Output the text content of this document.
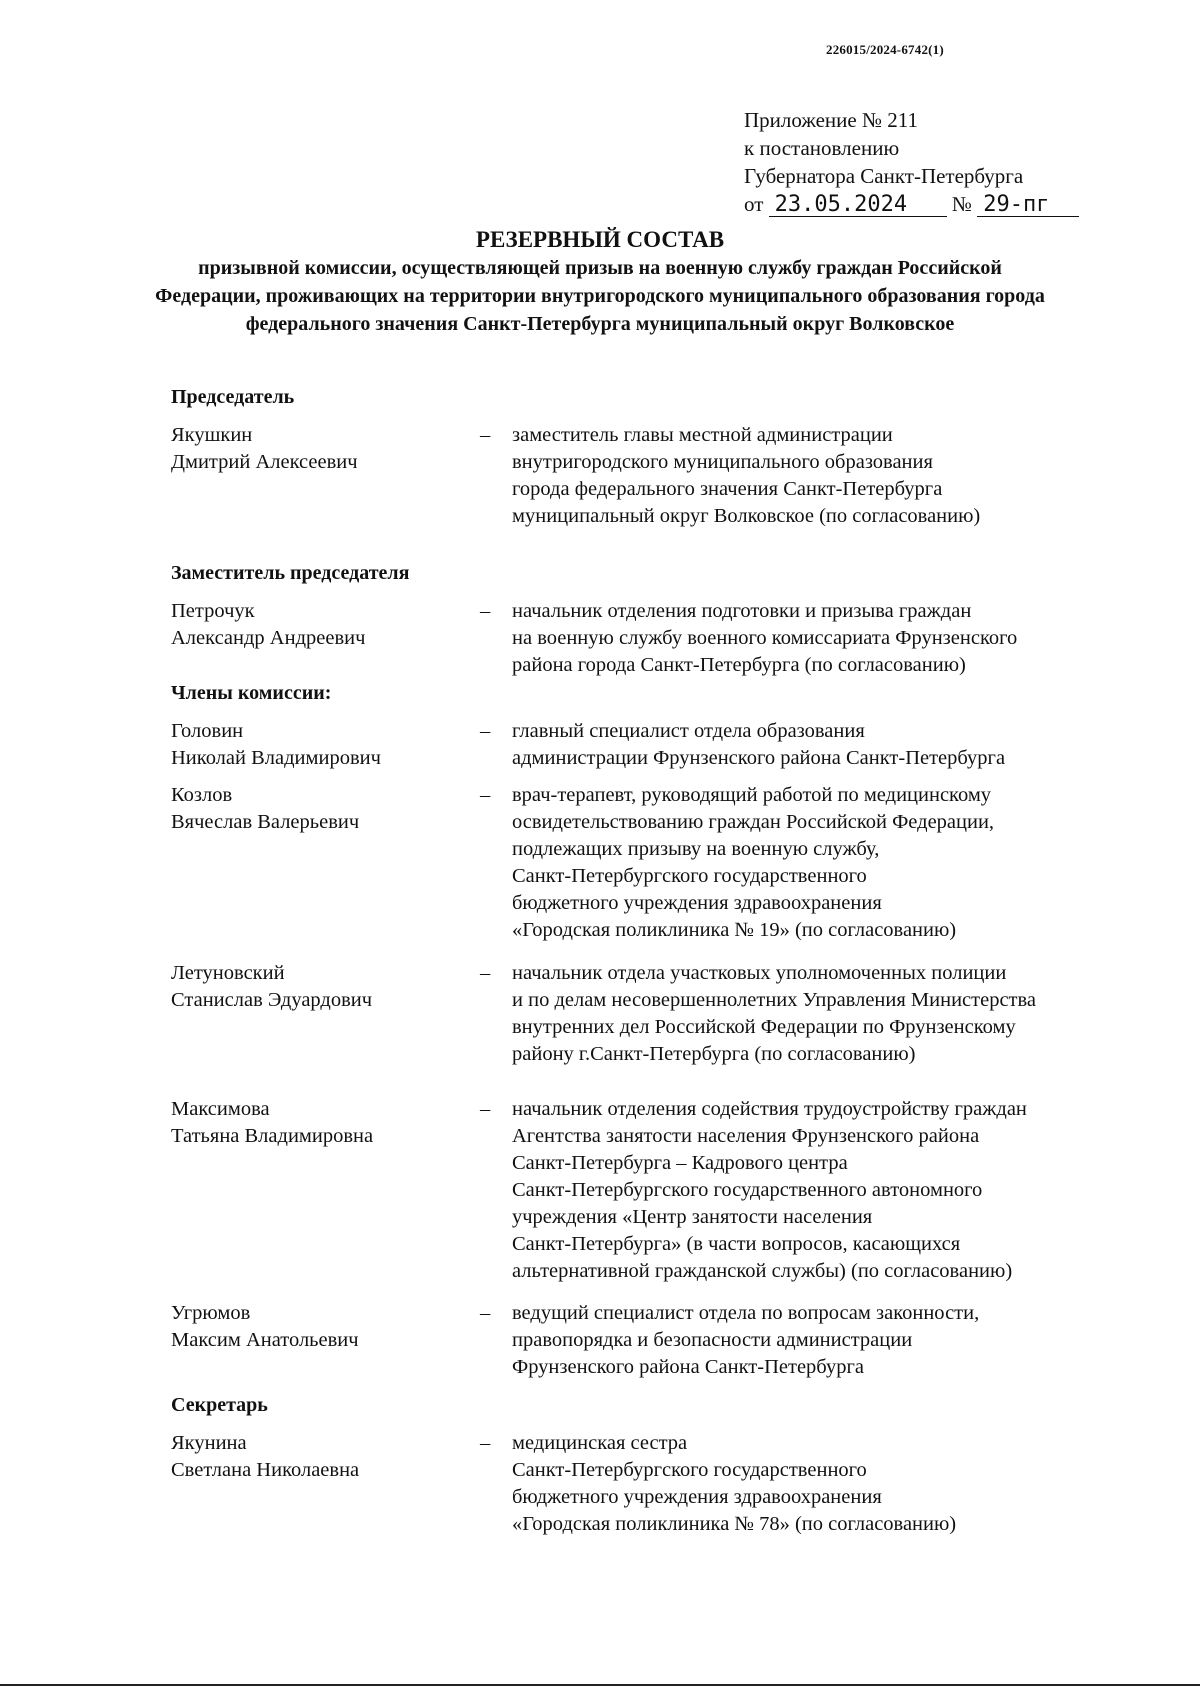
226015/2024-6742(1)
Приложение № 211
к постановлению
Губернатора Санкт-Петербурга
от 23.05.2024 № 29-пг
РЕЗЕРВНЫЙ СОСТАВ
призывной комиссии, осуществляющей призыв на военную службу граждан Российской Федерации, проживающих на территории внутригородского муниципального образования города федерального значения Санкт-Петербурга муниципальный округ Волковское
Председатель
Якушкин
Дмитрий Алексеевич
–	заместитель главы местной администрации
внутригородского муниципального образования
города федерального значения Санкт-Петербурга
муниципальный округ Волковское (по согласованию)
Заместитель председателя
Петрочук
Александр Андреевич
–	начальник отделения подготовки и призыва граждан
на военную службу военного комиссариата Фрунзенского
района города Санкт-Петербурга (по согласованию)
Члены комиссии:
Головин
Николай Владимирович
–	главный специалист отдела образования
администрации Фрунзенского района Санкт-Петербурга
Козлов
Вячеслав Валерьевич
–	врач-терапевт, руководящий работой по медицинскому
освидетельствованию граждан Российской Федерации,
подлежащих призыву на военную службу,
Санкт-Петербургского государственного
бюджетного учреждения здравоохранения
«Городская поликлиника № 19» (по согласованию)
Летуновский
Станислав Эдуардович
–	начальник отдела участковых уполномоченных полиции
и по делам несовершеннолетних Управления Министерства
внутренних дел Российской Федерации по Фрунзенскому
району г.Санкт-Петербурга (по согласованию)
Максимова
Татьяна Владимировна
–	начальник отделения содействия трудоустройству граждан
Агентства занятости населения Фрунзенского района
Санкт-Петербурга – Кадрового центра
Санкт-Петербургского государственного автономного
учреждения «Центр занятости населения
Санкт-Петербурга» (в части вопросов, касающихся
альтернативной гражданской службы) (по согласованию)
Угрюмов
Максим Анатольевич
–	ведущий специалист отдела по вопросам законности,
правопорядка и безопасности администрации
Фрунзенского района Санкт-Петербурга
Секретарь
Якунина
Светлана Николаевна
–	медицинская сестра
Санкт-Петербургского государственного
бюджетного учреждения здравоохранения
«Городская поликлиника № 78» (по согласованию)
